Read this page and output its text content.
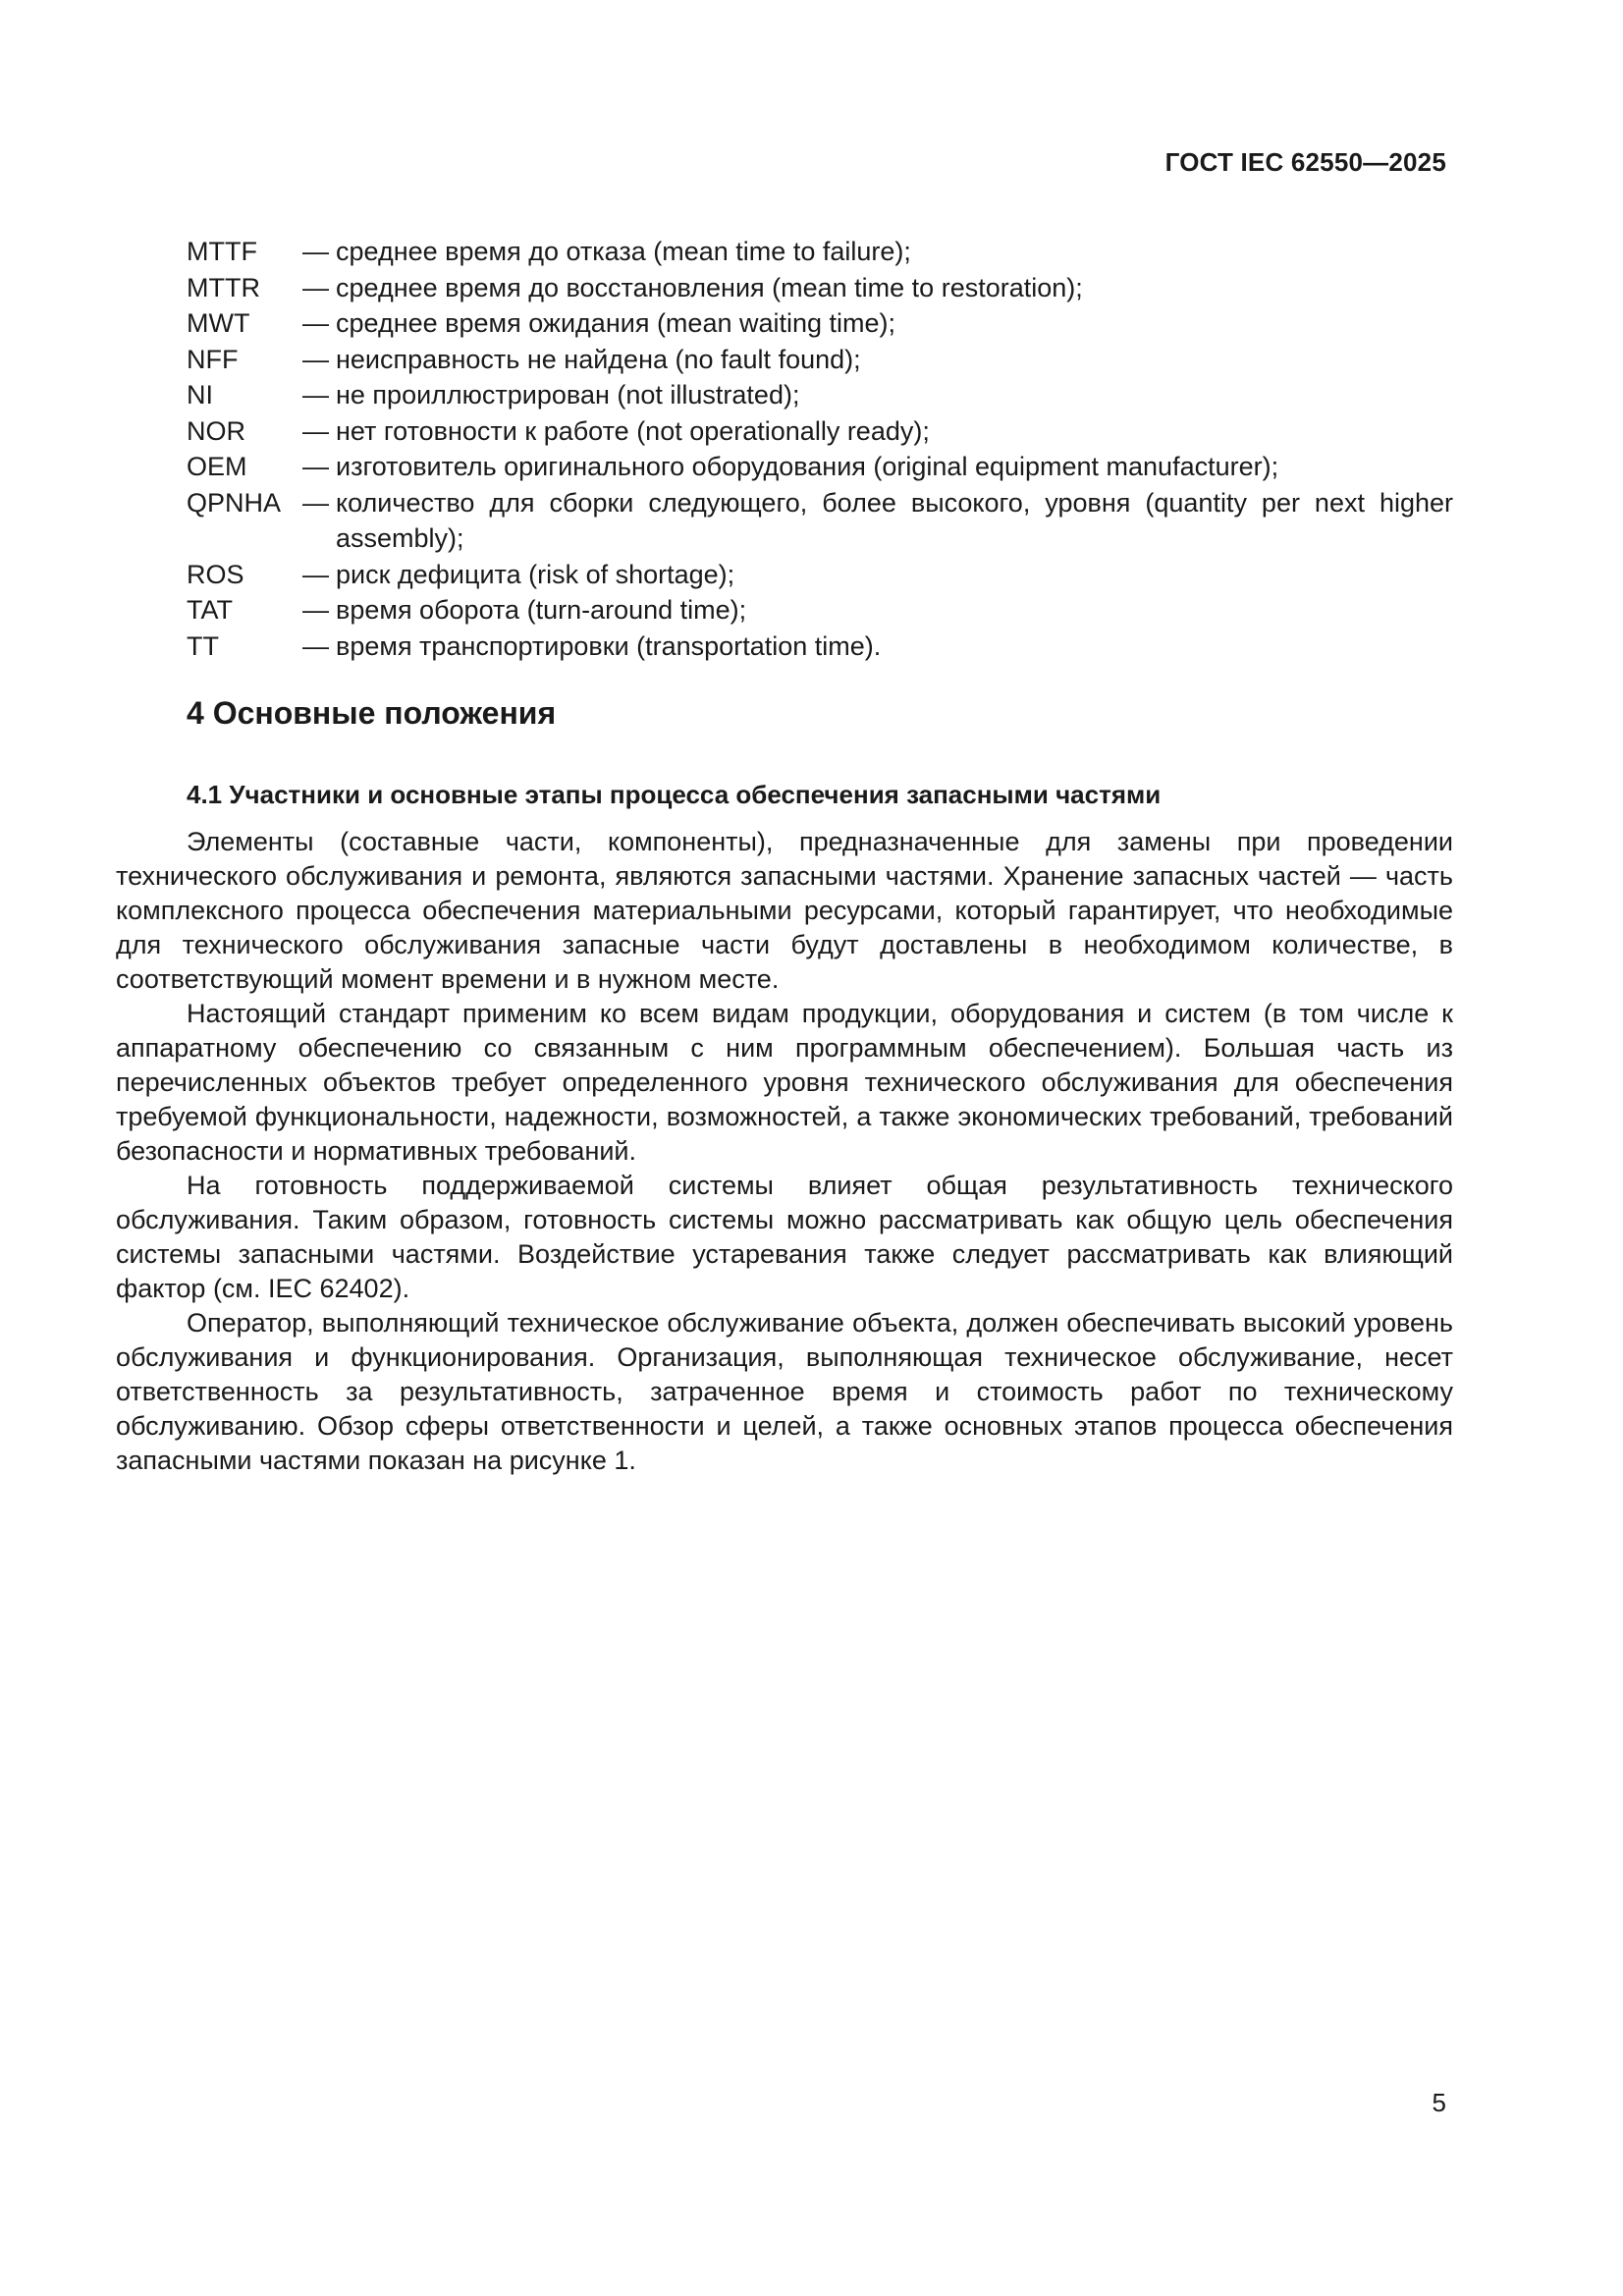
ГОСТ IEC 62550—2025
MTTF	— среднее время до отказа (mean time to failure);
MTTR	— среднее время до восстановления (mean time to restoration);
MWT	— среднее время ожидания (mean waiting time);
NFF	— неисправность не найдена (no fault found);
NI	— не проиллюстрирован (not illustrated);
NOR	— нет готовности к работе (not operationally ready);
OEM	— изготовитель оригинального оборудования (original equipment manufacturer);
QPNHA — количество для сборки следующего, более высокого, уровня (quantity per next higher assembly);
ROS	— риск дефицита (risk of shortage);
TAT	— время оборота (turn-around time);
TT	— время транспортировки (transportation time).
4 Основные положения
4.1 Участники и основные этапы процесса обеспечения запасными частями

Элементы (составные части, компоненты), предназначенные для замены при проведении технического обслуживания и ремонта, являются запасными частями. Хранение запасных частей — часть комплексного процесса обеспечения материальными ресурсами, который гарантирует, что необходимые для технического обслуживания запасные части будут доставлены в необходимом количестве, в соответствующий момент времени и в нужном месте.

Настоящий стандарт применим ко всем видам продукции, оборудования и систем (в том числе к аппаратному обеспечению со связанным с ним программным обеспечением). Большая часть из перечисленных объектов требует определенного уровня технического обслуживания для обеспечения требуемой функциональности, надежности, возможностей, а также экономических требований, требований безопасности и нормативных требований.

На готовность поддерживаемой системы влияет общая результативность технического обслуживания. Таким образом, готовность системы можно рассматривать как общую цель обеспечения системы запасными частями. Воздействие устаревания также следует рассматривать как влияющий фактор (см. IEC 62402).

Оператор, выполняющий техническое обслуживание объекта, должен обеспечивать высокий уровень обслуживания и функционирования. Организация, выполняющая техническое обслуживание, несет ответственность за результативность, затраченное время и стоимость работ по техническому обслуживанию. Обзор сферы ответственности и целей, а также основных этапов процесса обеспечения запасными частями показан на рисунке 1.

5
